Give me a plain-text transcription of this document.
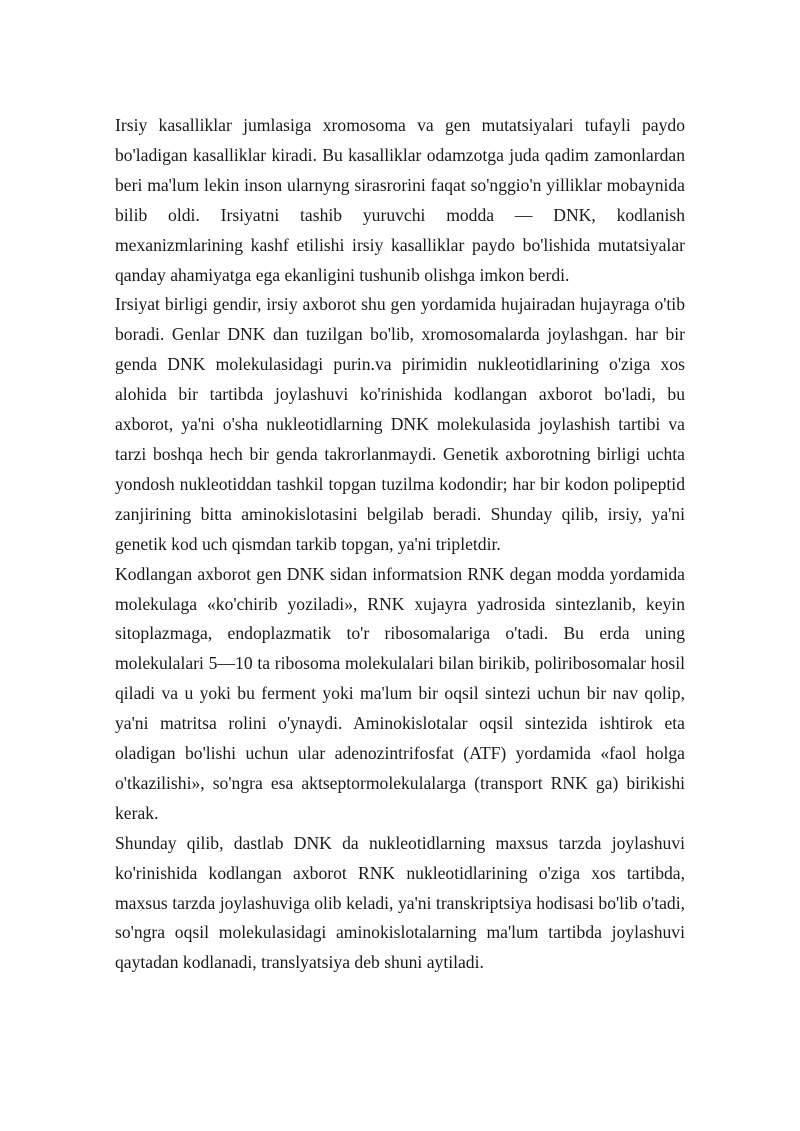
Irsiy kasalliklar jumlasiga xromosoma va gen mutatsiyalari tufayli paydo bo'ladigan kasalliklar kiradi. Bu kasalliklar odamzotga juda qadim zamonlardan beri ma'lum lekin inson ularnyng sirasrorini faqat so'nggio'n yilliklar mobaynida bilib oldi. Irsiyatni tashib yuruvchi modda — DNK, kodlanish mexanizmlarining kashf etilishi irsiy kasalliklar paydo bo'lishida mutatsiyalar qanday ahamiyatga ega ekanligini tushunib olishga imkon berdi.

Irsiyat birligi gendir, irsiy axborot shu gen yordamida hujairadan hujayraga o'tib boradi. Genlar DNK dan tuzilgan bo'lib, xromosomalarda joylashgan. har bir genda DNK molekulasidagi purin.va pirimidin nukleotidlarining o'ziga xos alohida bir tartibda joylashuvi ko'rinishida kodlangan axborot bo'ladi, bu axborot, ya'ni o'sha nukleotidlarning DNK molekulasida joylashish tartibi va tarzi boshqa hech bir genda takrorlanmaydi. Genetik axborotning birligi uchta yondosh nukleotiddan tashkil topgan tuzilma kodondir; har bir kodon polipeptid zanjirining bitta aminokislotasini belgilab beradi. Shunday qilib, irsiy, ya'ni genetik kod uch qismdan tarkib topgan, ya'ni tripletdir.

Kodlangan axborot gen DNK sidan informatsion RNK degan modda yordamida molekulaga «ko'chirib yoziladi», RNK xujayra yadrosida sintezlanib, keyin sitoplazmaga, endoplazmatik to'r ribosomalariga o'tadi. Bu erda uning molekulalari 5—10 ta ribosoma molekulalari bilan birikib, poliribosomalar hosil qiladi va u yoki bu ferment yoki ma'lum bir oqsil sintezi uchun bir nav qolip, ya'ni matritsa rolini o'ynaydi. Aminokislotalar oqsil sintezida ishtirok eta oladigan bo'lishi uchun ular adenozintrifosfat (ATF) yordamida «faol holga o'tkazilishi», so'ngra esa aktseptormolekulalarga (transport RNK ga) birikishi kerak.

Shunday qilib, dastlab DNK da nukleotidlarning maxsus tarzda joylashuvi ko'rinishida kodlangan axborot RNK nukleotidlarining o'ziga xos tartibda, maxsus tarzda joylashuviga olib keladi, ya'ni transkriptsiya hodisasi bo'lib o'tadi, so'ngra oqsil molekulasidagi aminokislotalarning ma'lum tartibda joylashuvi qaytadan kodlanadi, translyatsiya deb shuni aytiladi.
